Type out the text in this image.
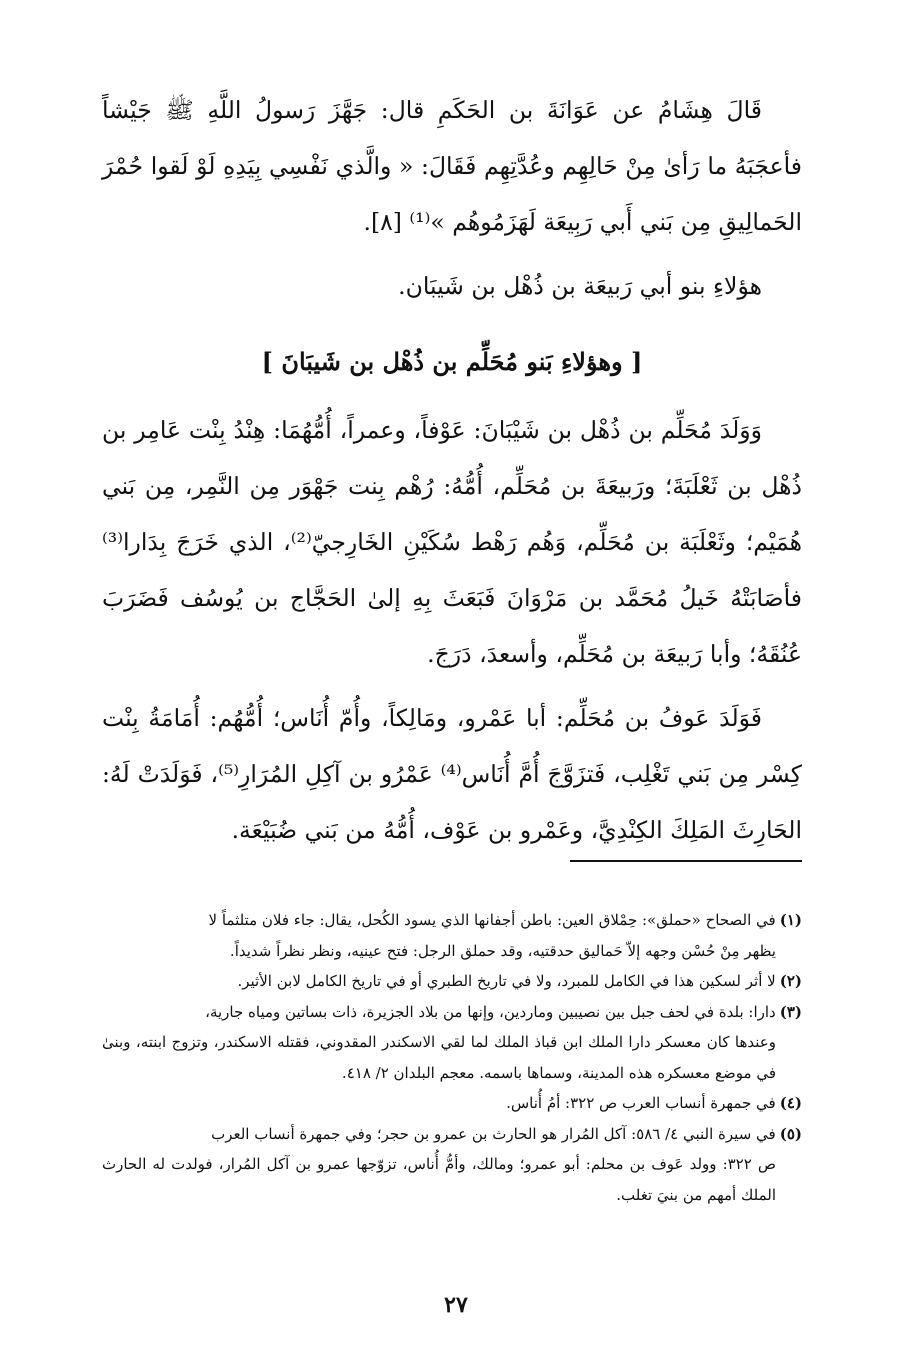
قَالَ هِشَامُ عن عَوَانَةَ بن الحَكَمِ قال: جَهَّزَ رَسولُ اللَّهِ ﷺ جَيْشاً فأعجَبَهُ ما رَأىٰ مِنْ حَالِهِم وعُدَّتِهِم فَقَالَ: « والَّذي نَفْسِي بِيَدِهِ لَوْ لَقوا حُمْرَ الحَمالِيقِ مِن بَني أَبي رَبِيعَة لَهَزَمُوهُم »⁽¹⁾ [٨].

هؤلاءِ بنو أبي رَبيعَة بن ذُهْل بن شَيبَان.

[ وهؤلاءِ بَنو مُحَلِّم بن ذُهْل بن شَيبَانَ ]

وَوَلَدَ مُحَلِّم بن ذُهْل بن شَيْبَانَ: عَوْفاً، وعمراً، أُمُّهُمَا: هِنْدُ بِنْت عَامِر بن ذُهْل بن ثَعْلَبَةَ؛ ورَبيعَةَ بن مُحَلِّم، أُمُّهُ: رُهْم بِنت جَهْوَر مِن النَّمِر، مِن بَني هُمَيْم؛ وثَعْلَبَة بن مُحَلِّم، وَهُم رَهْط سُكَيْنِ الخَارِجيّ⁽²⁾، الذي خَرَجَ بِدَارا⁽³⁾ فأصَابَتْهُ خَيلُ مُحَمَّد بن مَرْوَانَ فَبَعَثَ بِهِ إلىٰ الحَجَّاج بن يُوسُف فَضَرَبَ عُنُقَهُ؛ وأبا رَبيعَة بن مُحَلِّم، وأسعدَ، دَرَجَ.

فَوَلَدَ عَوفُ بن مُحَلِّم: أبا عَمْرو، ومَالِكاً، وأُمّ أُنَاس؛ أُمُّهُم: أُمَامَةُ بِنْت كِسْر مِن بَني تَغْلِب، فَتزَوَّجَ أُمَّ أُنَاس⁽⁴⁾ عَمْرُو بن آكِلِ المُرَارِ⁽⁵⁾، فَوَلَدَتْ لَهُ: الحَارِثَ المَلِكَ الكِنْدِيَّ، وعَمْرو بن عَوْف، أُمُّهُ من بَني ضُبَيْعَة.

(١)في الصحاح «حملق»: حِمْلاق العين: باطن أجفانها الذي يسود الكُحل، يقال: جاء فلان متلثماً لا
يظهر مِنْ حُسْن وجهه إلاّ حَماليق حدقتيه، وقد حملق الرجل: فتح عينيه، ونظر نظراً شديداً.
(٢)لا أثر لسكين هذا في الكامل للمبرد، ولا في تاريخ الطبري أو في تاريخ الكامل لابن الأثير.
(٣)دارا: بلدة في لحف جبل بين نصيبين وماردين، وإنها من بلاد الجزيرة، ذات بساتين ومياه جارية،
وعندها كان معسكر دارا الملك ابن قباذ الملك لما لقي الاسكندر المقدوني، فقتله الاسكندر، وتزوج ابنته، وبنىٰ في موضع معسكره هذه المدينة، وسماها باسمه. معجم البلدان ٢/ ٤١٨.
(٤)في جمهرة أنساب العرب ص ٣٢٢: أمُ أُناس.
(٥)في سيرة النبي ٤/ ٥٨٦: آكل المُرار هو الحارث بن عمرو بن حجر؛ وفي جمهرة أنساب العرب
ص ٣٢٢: وولد عَوف بن محلم: أبو عمرو؛ ومالك، وأمُّ أُناس، تزوّجها عمرو بن آكل المُرار، فولدت له الحارث الملك أمهم من بنيَ تغلب.
٢٧
